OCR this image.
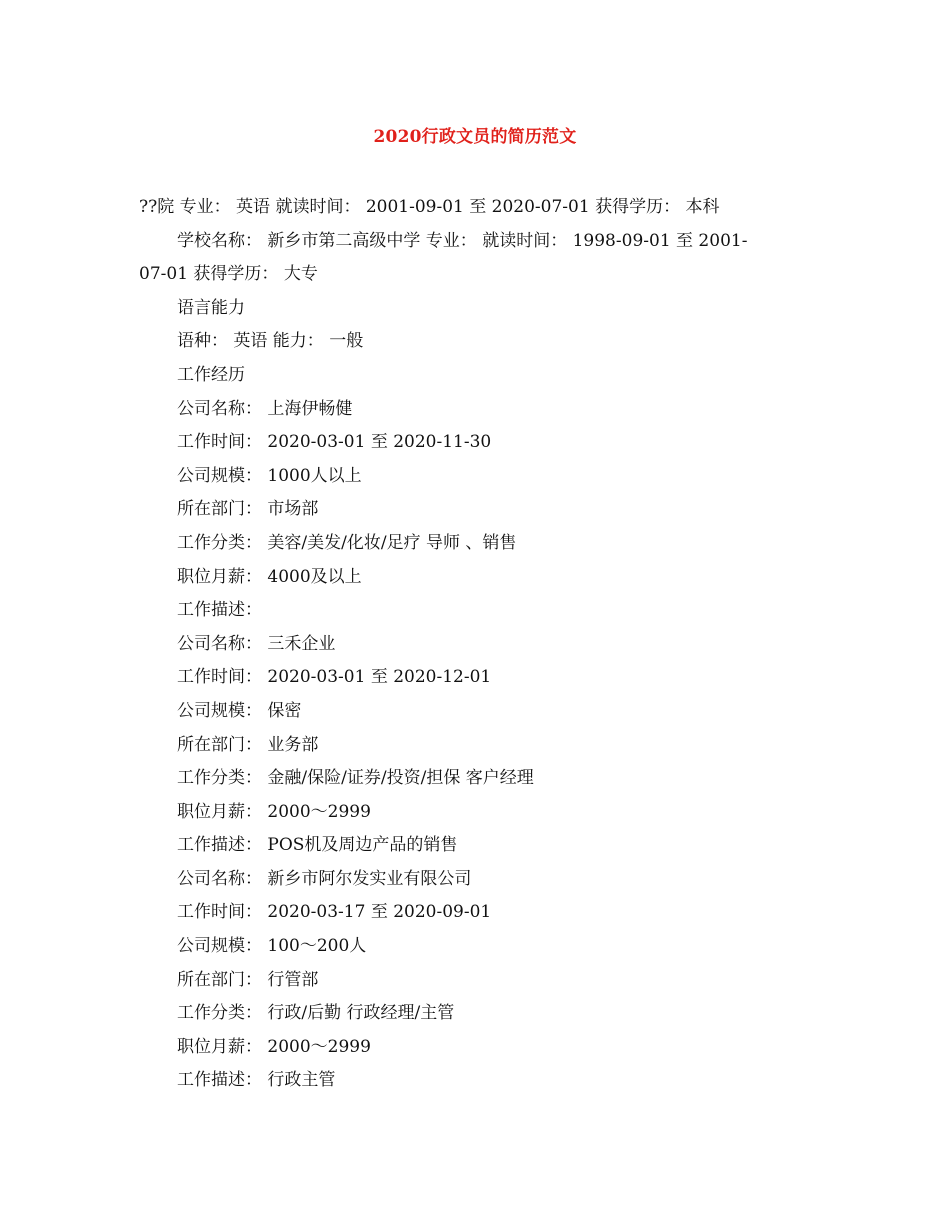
2020行政文员的简历范文
??院 专业： 英语 就读时间： 2001-09-01 至 2020-07-01 获得学历： 本科
学校名称： 新乡市第二高级中学 专业： 就读时间： 1998-09-01 至 2001-
07-01 获得学历： 大专
语言能力
语种： 英语 能力： 一般
工作经历
公司名称： 上海伊畅健
工作时间： 2020-03-01 至 2020-11-30
公司规模： 1000人以上
所在部门： 市场部
工作分类： 美容/美发/化妆/足疗 导师 、销售
职位月薪： 4000及以上
工作描述：
公司名称： 三禾企业
工作时间： 2020-03-01 至 2020-12-01
公司规模： 保密
所在部门： 业务部
工作分类： 金融/保险/证券/投资/担保 客户经理
职位月薪： 2000～2999
工作描述： POS机及周边产品的销售
公司名称： 新乡市阿尔发实业有限公司
工作时间： 2020-03-17 至 2020-09-01
公司规模： 100～200人
所在部门： 行管部
工作分类： 行政/后勤 行政经理/主管
职位月薪： 2000～2999
工作描述： 行政主管
